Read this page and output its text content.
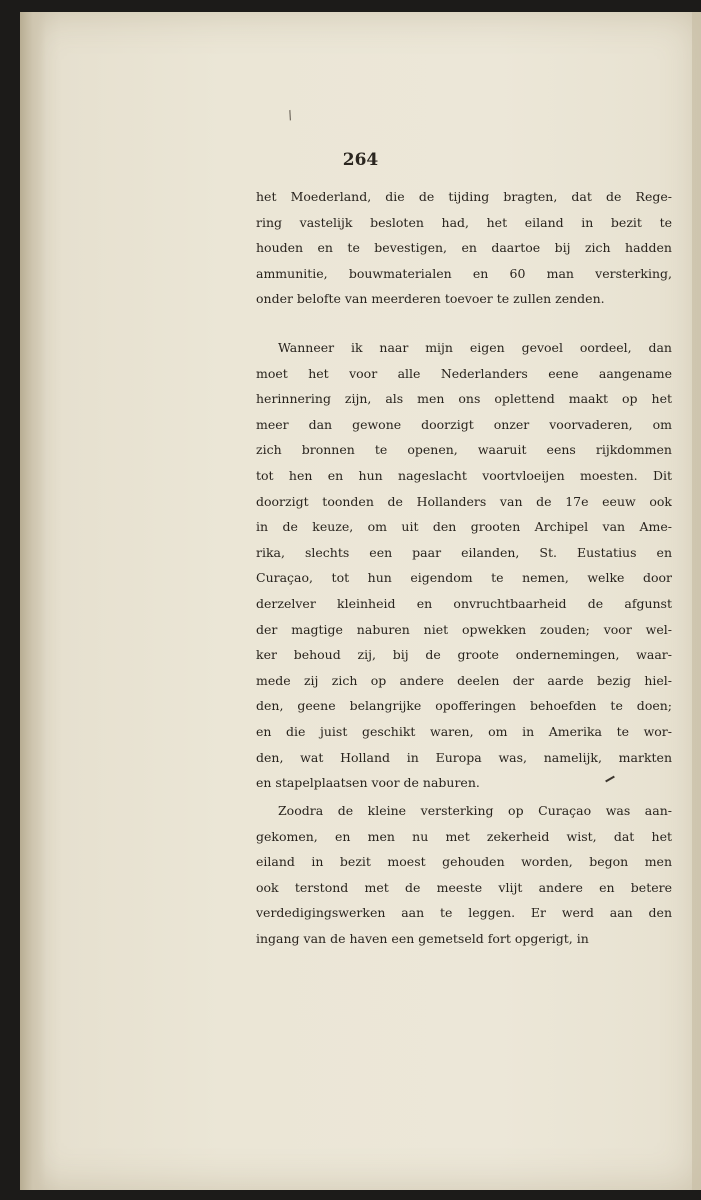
/
264
het Moederland, die de tijding bragten, dat de Rege-
ring vastelijk besloten had, het eiland in bezit te
houden en te bevestigen, en daartoe bij zich hadden
ammunitie, bouwmaterialen en 60 man versterking,
onder belofte van meerderen toevoer te zullen zenden.
Wanneer ik naar mijn eigen gevoel oordeel, dan
moet het voor alle Nederlanders eene aangename
herinnering zijn, als men ons oplettend maakt op het
meer dan gewone doorzigt onzer voorvaderen, om
zich bronnen te openen, waaruit eens rijkdommen
tot hen en hun nageslacht voortvloeijen moesten. Dit
doorzigt toonden de Hollanders van de 17e eeuw ook
in de keuze, om uit den grooten Archipel van Ame-
rika, slechts een paar eilanden, St. Eustatius en
Curaçao, tot hun eigendom te nemen, welke door
derzelver kleinheid en onvruchtbaarheid de afgunst
der magtige naburen niet opwekken zouden; voor wel-
ker behoud zij, bij de groote ondernemingen, waar-
mede zij zich op andere deelen der aarde bezig hiel-
den, geene belangrijke opofferingen behoefden te doen;
en die juist geschikt waren, om in Amerika te wor-
den, wat Holland in Europa was, namelijk, markten
en stapelplaatsen voor de naburen.
Zoodra de kleine versterking op Curaçao was aan-
gekomen, en men nu met zekerheid wist, dat het
eiland in bezit moest gehouden worden, begon men
ook terstond met de meeste vlijt andere en betere
verdedigingswerken aan te leggen. Er werd aan den
ingang van de haven een gemetseld fort opgerigt, in
